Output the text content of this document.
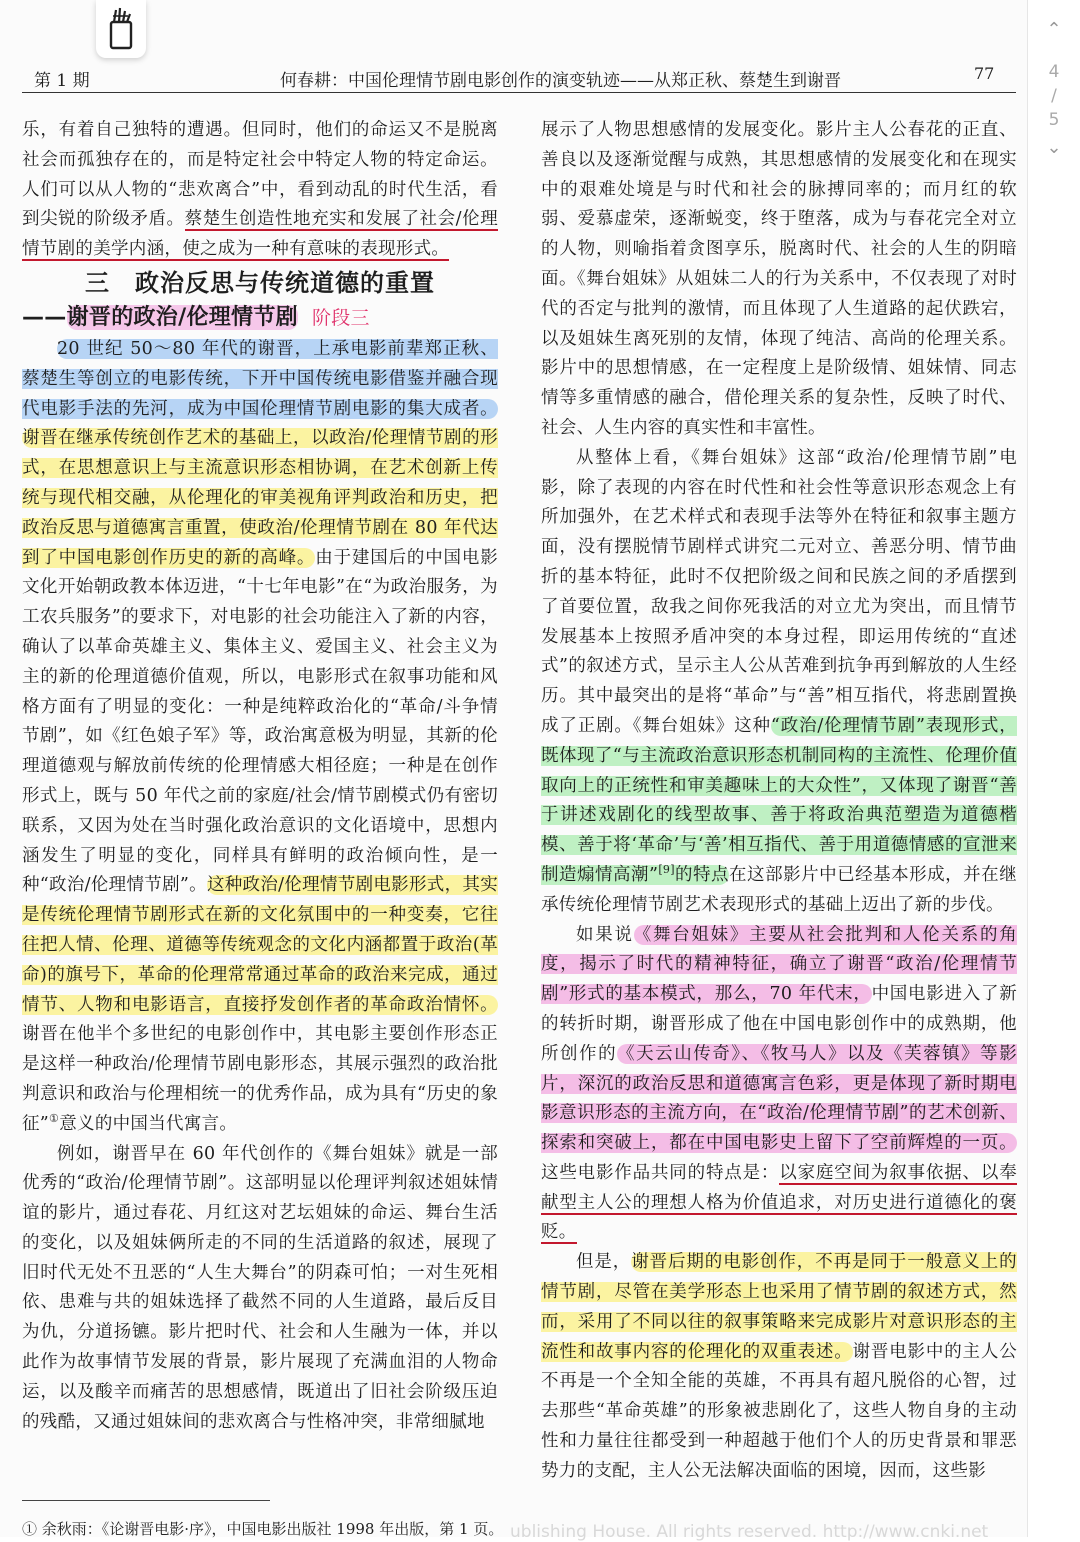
⌃
4
/
5
⌄
第 1 期	何春耕：中国伦理情节剧电影创作的演变轨迹——从郑正秋、蔡楚生到谢晋	77

乐，有着自己独特的遭遇。但同时，他们的命运又不是脱离社会而孤独存在的，而是特定社会中特定人物的特定命运。人们可以从人物的“悲欢离合”中，看到动乱的时代生活，看到尖锐的阶级矛盾。蔡楚生创造性地充实和发展了社会/伦理情节剧的美学内涵，使之成为一种有意味的表现形式。

三　政治反思与传统道德的重置

——谢晋的政治/伦理情节剧 阶段三

20 世纪 50～80 年代的谢晋，上承电影前辈郑正秋、蔡楚生等创立的电影传统，下开中国传统电影借鉴并融合现代电影手法的先河，成为中国伦理情节剧电影的集大成者。谢晋在继承传统创作艺术的基础上，以政治/伦理情节剧的形式，在思想意识上与主流意识形态相协调，在艺术创新上传统与现代相交融，从伦理化的审美视角评判政治和历史，把政治反思与道德寓言重置，使政治/伦理情节剧在 80 年代达到了中国电影创作历史的新的高峰。由于建国后的中国电影文化开始朝政教本体迈进，“十七年电影”在“为政治服务，为工农兵服务”的要求下，对电影的社会功能注入了新的内容，确认了以革命英雄主义、集体主义、爱国主义、社会主义为主的新的伦理道德价值观，所以，电影形式在叙事功能和风格方面有了明显的变化：一种是纯粹政治化的“革命/斗争情节剧”，如《红色娘子军》等，政治寓意极为明显，其新的伦理道德观与解放前传统的伦理情感大相径庭；一种是在创作形式上，既与 50 年代之前的家庭/社会/情节剧模式仍有密切联系，又因为处在当时强化政治意识的文化语境中，思想内涵发生了明显的变化，同样具有鲜明的政治倾向性，是一种“政治/伦理情节剧”。这种政治/伦理情节剧电影形式，其实是传统伦理情节剧形式在新的文化氛围中的一种变奏，它往往把人情、伦理、道德等传统观念的文化内涵都置于政治(革命)的旗号下，革命的伦理常常通过革命的政治来完成，通过情节、人物和电影语言，直接抒发创作者的革命政治情怀。谢晋在他半个多世纪的电影创作中，其电影主要创作形态正是这样一种政治/伦理情节剧电影形态，其展示强烈的政治批判意识和政治与伦理相统一的优秀作品，成为具有“历史的象征”①意义的中国当代寓言。

例如，谢晋早在 60 年代创作的《舞台姐妹》就是一部优秀的“政治/伦理情节剧”。这部明显以伦理评判叙述姐妹情谊的影片，通过春花、月红这对艺坛姐妹的命运、舞台生活的变化，以及姐妹俩所走的不同的生活道路的叙述，展现了旧时代无处不丑恶的“人生大舞台”的阴森可怕；一对生死相依、患难与共的姐妹选择了截然不同的人生道路，最后反目为仇，分道扬镳。影片把时代、社会和人生融为一体，并以此作为故事情节发展的背景，影片展现了充满血泪的人物命运，以及酸辛而痛苦的思想感情，既道出了旧社会阶级压迫的残酷，又通过姐妹间的悲欢离合与性格冲突，非常细腻地

展示了人物思想感情的发展变化。影片主人公春花的正直、善良以及逐渐觉醒与成熟，其思想感情的发展变化和在现实中的艰难处境是与时代和社会的脉搏同率的；而月红的软弱、爱慕虚荣，逐渐蜕变，终于堕落，成为与春花完全对立的人物，则喻指着贪图享乐，脱离时代、社会的人生的阴暗面。《舞台姐妹》从姐妹二人的行为关系中，不仅表现了对时代的否定与批判的激情，而且体现了人生道路的起伏跌宕，以及姐妹生离死别的友情，体现了纯洁、高尚的伦理关系。影片中的思想情感，在一定程度上是阶级情、姐妹情、同志情等多重情感的融合，借伦理关系的复杂性，反映了时代、社会、人生内容的真实性和丰富性。

从整体上看，《舞台姐妹》这部“政治/伦理情节剧”电影，除了表现的内容在时代性和社会性等意识形态观念上有所加强外，在艺术样式和表现手法等外在特征和叙事主题方面，没有摆脱情节剧样式讲究二元对立、善恶分明、情节曲折的基本特征，此时不仅把阶级之间和民族之间的矛盾摆到了首要位置，敌我之间你死我活的对立尤为突出，而且情节发展基本上按照矛盾冲突的本身过程，即运用传统的“直述式”的叙述方式，呈示主人公从苦难到抗争再到解放的人生经历。其中最突出的是将“革命”与“善”相互指代，将悲剧置换成了正剧。《舞台姐妹》这种“政治/伦理情节剧”表现形式，既体现了“与主流政治意识形态机制同构的主流性、伦理价值取向上的正统性和审美趣味上的大众性”，又体现了谢晋“善于讲述戏剧化的线型故事、善于将政治典范塑造为道德楷模、善于将‘革命’与‘善’相互指代、善于用道德情感的宣泄来制造煽情高潮”[9]的特点在这部影片中已经基本形成，并在继承传统伦理情节剧艺术表现形式的基础上迈出了新的步伐。

如果说《舞台姐妹》主要从社会批判和人伦关系的角度，揭示了时代的精神特征，确立了谢晋“政治/伦理情节剧”形式的基本模式，那么，70 年代末，中国电影进入了新的转折时期，谢晋形成了他在中国电影创作中的成熟期，他所创作的《天云山传奇》、《牧马人》以及《芙蓉镇》等影片，深沉的政治反思和道德寓言色彩，更是体现了新时期电影意识形态的主流方向，在“政治/伦理情节剧”的艺术创新、探索和突破上，都在中国电影史上留下了空前辉煌的一页。这些电影作品共同的特点是：以家庭空间为叙事依据、以奉献型主人公的理想人格为价值追求，对历史进行道德化的褒贬。

但是，谢晋后期的电影创作，不再是同于一般意义上的情节剧，尽管在美学形态上也采用了情节剧的叙述方式，然而，采用了不同以往的叙事策略来完成影片对意识形态的主流性和故事内容的伦理化的双重表述。谢晋电影中的主人公不再是一个全知全能的英雄，不再具有超凡脱俗的心智，过去那些“革命英雄”的形象被悲剧化了，这些人物自身的主动性和力量往往都受到一种超越于他们个人的历史背景和罪恶势力的支配，主人公无法解决面临的困境，因而，这些影

① 余秋雨：《论谢晋电影·序》，中国电影出版社 1998 年出版，第 1 页。 ublishing House. All rights reserved. http://www.cnki.net
